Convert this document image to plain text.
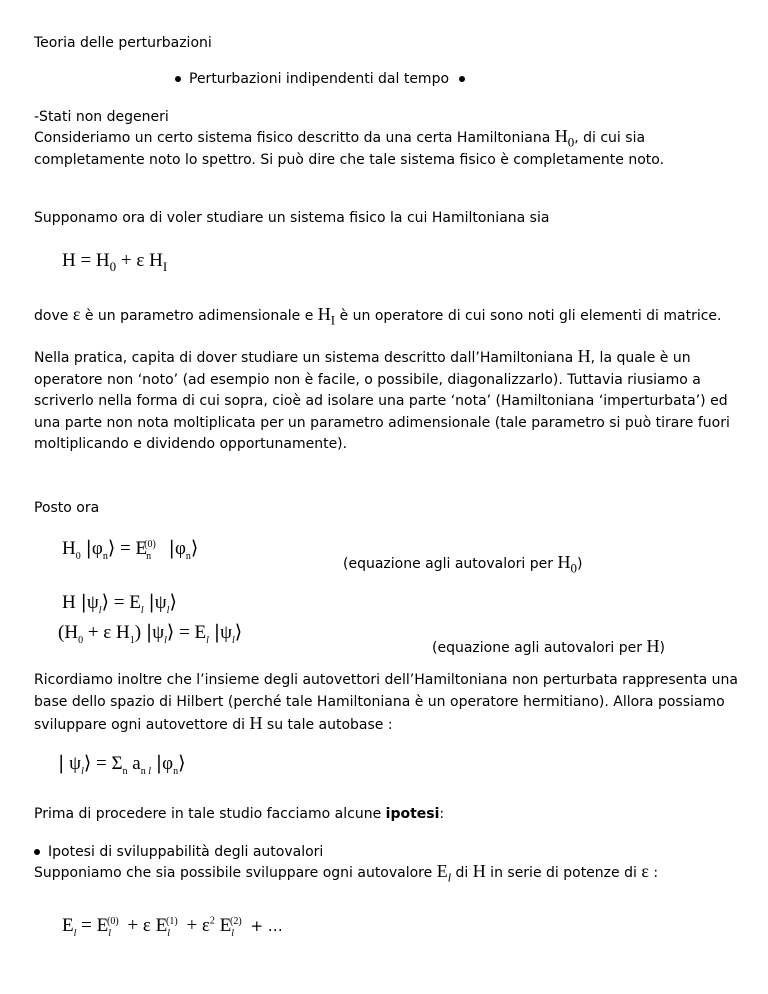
Teoria delle perturbazioni
Perturbazioni indipendenti dal tempo
-Stati non degeneri
Consideriamo un certo sistema fisico descritto da una certa Hamiltoniana $H_0$, di cui sia completamente noto lo spettro. Si può dire che tale sistema fisico è completamente noto.
Supponamo ora di voler studiare un sistema fisico la cui Hamiltoniana sia
$H = H_0 + \varepsilon$ $H_I$
dove ε è un parametro adimensionale e $H_I$ è un operatore di cui sono noti gli elementi di matrice.
Nella pratica, capita di dover studiare un sistema descritto dall’Hamiltoniana H, la quale è un operatore non ‘noto’ (ad esempio non è facile, o possibile, diagonalizzarlo). Tuttavia riusiamo a scriverlo nella forma di cui sopra, cioè ad isolare una parte ‘nota’ (Hamiltoniana ‘imperturbata’) ed una parte non nota moltiplicata per un parametro adimensionale (tale parametro si può tirare fuori moltiplicando e dividendo opportunamente).
Posto ora
$H_0$ $|\varphi_n⟩ = E_n^{(0)}$ $|\varphi_n⟩$
(equazione agli autovalori per $H_0$)
H $|\psi_l⟩ = E_l$ $|\psi_l⟩$
($H_0 + \varepsilon$ $H_1$) $|\psi_l⟩ = E_l$ $|\psi_l⟩$
(equazione agli autovalori per H)
Ricordiamo inoltre che l’insieme degli autovettori dell’Hamiltoniana non perturbata rappresenta una base dello spazio di Hilbert (perché tale Hamiltoniana è un operatore hermitiano). Allora possiamo sviluppare ogni autovettore di H su tale autobase :
| $\psi_l⟩ = \Sigma_n$ $a_{n l}$ $|\varphi_n⟩$
Prima di procedere in tale studio facciamo alcune ipotesi:
Ipotesi di sviluppabilità degli autovalori
Supponiamo che sia possibile sviluppare ogni autovalore $E_l$ di H in serie di potenze di ε :
$E_l = E_l^{(0)} + \varepsilon$ $E_l^{(1)} + \varepsilon^2$ $E_l^{(2)}$ + …
